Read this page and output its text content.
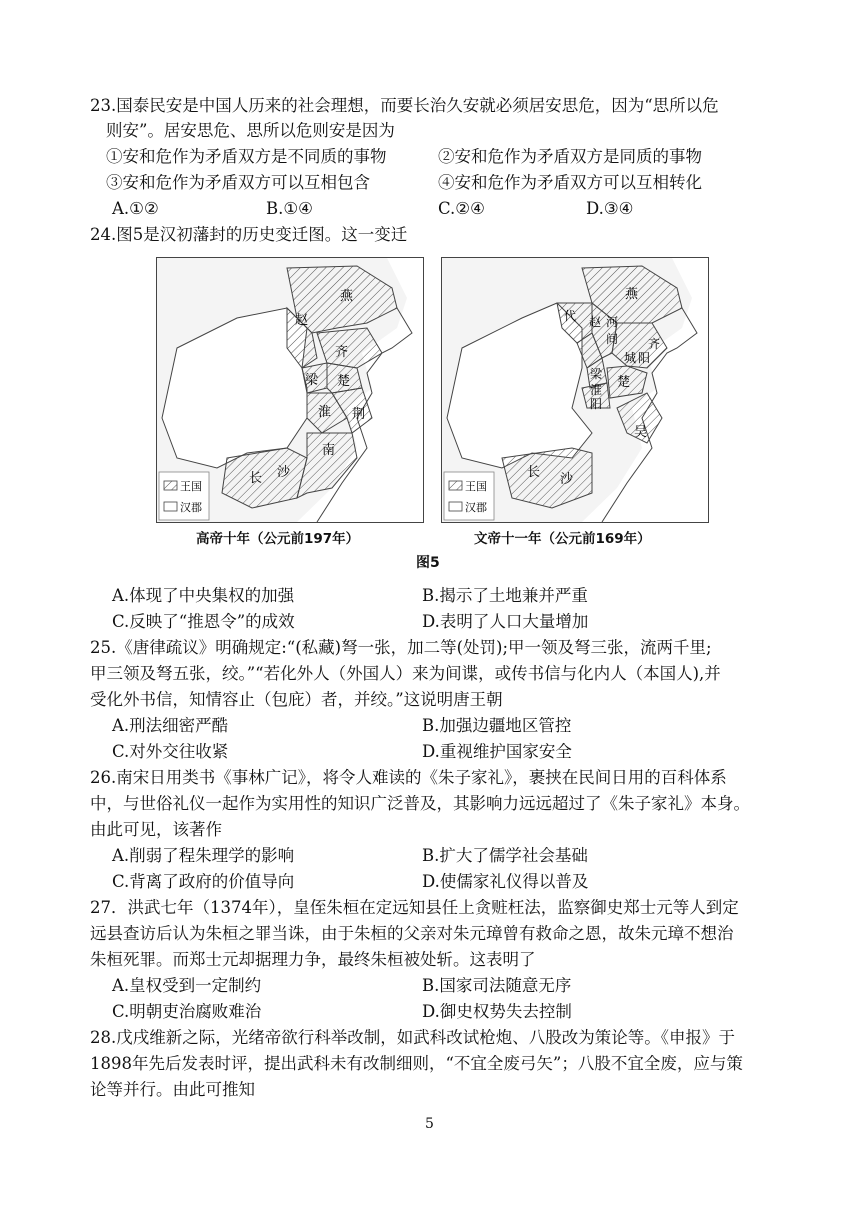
23.国泰民安是中国人历来的社会理想，而要长治久安就必须居安思危，因为“思所以危
则安”。居安思危、思所以危则安是因为
①安和危作为矛盾双方是不同质的事物	②安和危作为矛盾双方是同质的事物
③安和危作为矛盾双方可以互相包含	④安和危作为矛盾双方可以互相转化
A.①②	B.①④	C.②④	D.③④
24.图5是汉初藩封的历史变迁图。这一变迁
燕
赵
齐
梁 楚
淮 荆
长 沙
南
王国
汉郡
高帝十年（公元前197年）
燕
代 赵 河
间 齐
阳
城
梁
淮
阳
楚
吴
长 沙
王国
汉郡
文帝十一年（公元前169年）
图5
A.体现了中央集权的加强	B.揭示了土地兼并严重
C.反映了“推恩令”的成效	D.表明了人口大量增加
25.《唐律疏议》明确规定:“(私藏)弩一张，加二等(处罚);甲一领及弩三张，流两千里;
甲三领及弩五张，绞。”“若化外人（外国人）来为间谍，或传书信与化内人（本国人),并
受化外书信，知情容止（包庇）者，并绞。”这说明唐王朝
A.刑法细密严酷	B.加强边疆地区管控
C.对外交往收紧	D.重视维护国家安全
26.南宋日用类书《事林广记》，将令人难读的《朱子家礼》，裹挟在民间日用的百科体系
中，与世俗礼仪一起作为实用性的知识广泛普及，其影响力远远超过了《朱子家礼》本身。
由此可见，该著作
A.削弱了程朱理学的影响	B.扩大了儒学社会基础
C.背离了政府的价值导向	D.使儒家礼仪得以普及
27．洪武七年（1374年），皇侄朱桓在定远知县任上贪赃枉法，监察御史郑士元等人到定
远县查访后认为朱桓之罪当诛，由于朱桓的父亲对朱元璋曾有救命之恩，故朱元璋不想治
朱桓死罪。而郑士元却据理力争，最终朱桓被处斩。这表明了
A.皇权受到一定制约	B.国家司法随意无序
C.明朝吏治腐败难治	D.御史权势失去控制
28.戊戌维新之际，光绪帝欲行科举改制，如武科改试枪炮、八股改为策论等。《申报》于
1898年先后发表时评，提出武科未有改制细则，“不宜全废弓矢”；八股不宜全废，应与策
论等并行。由此可推知
5
